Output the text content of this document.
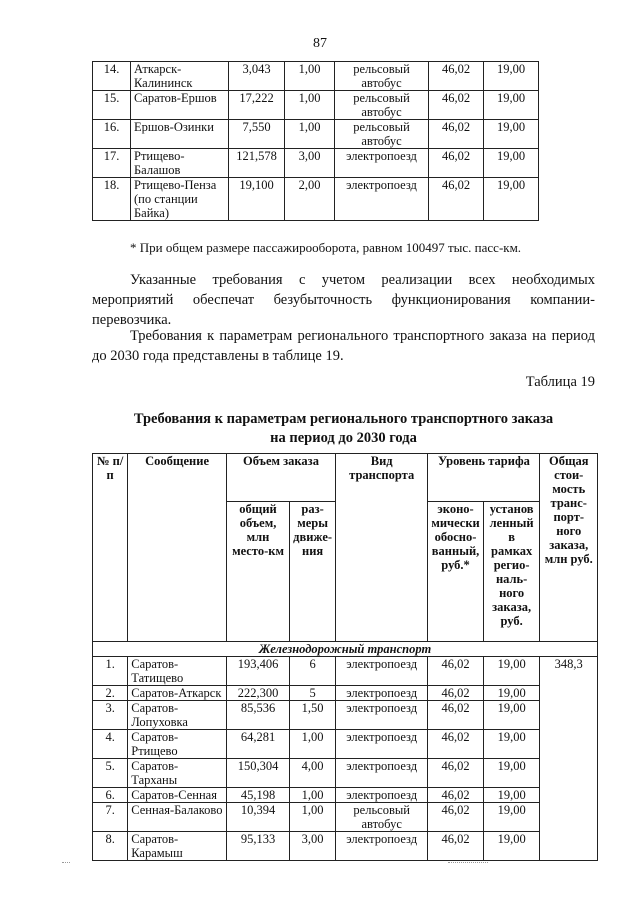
87
14.	Аткарск-Калининск	3,043	1,00	рельсовый автобус	46,02	19,00
15.	Саратов-Ершов	17,222	1,00	рельсовый автобус	46,02	19,00
16.	Ершов-Озинки	7,550	1,00	рельсовый автобус	46,02	19,00
17.	Ртищево-Балашов	121,578	3,00	электропоезд	46,02	19,00
18.	Ртищево-Пенза (по станции Байка)	19,100	2,00	электропоезд	46,02	19,00
* При общем размере пассажирооборота, равном 100497 тыс. пасс-км.
Указанные требования с учетом реализации всех необходимых мероприятий обеспечат безубыточность функционирования компании-перевозчика.
Требования к параметрам регионального транспортного заказа на период до 2030 года представлены в таблице 19.
Таблица 19
Требования к параметрам регионального транспортного заказа
на период до 2030 года
№ п/п	Сообщение	Объем заказа		Вид транспорта	Уровень тарифа		Общая стои-мость транс-порт-ного заказа, млн руб.
		общий объем, млн место-км	раз-меры движе-ния		эконо-мически обосно-ванный, руб.*	установ ленный в рамках регио-наль-ного заказа, руб.	
Железнодорожный транспорт							
1.	Саратов-Татищево	193,406	6	электропоезд	46,02	19,00	348,3
2.	Саратов-Аткарск	222,300	5	электропоезд	46,02	19,00	
3.	Саратов-Лопуховка	85,536	1,50	электропоезд	46,02	19,00	
4.	Саратов-Ртищево	64,281	1,00	электропоезд	46,02	19,00	
5.	Саратов-Тарханы	150,304	4,00	электропоезд	46,02	19,00	
6.	Саратов-Сенная	45,198	1,00	электропоезд	46,02	19,00	
7.	Сенная-Балаково	10,394	1,00	рельсовый автобус	46,02	19,00	
8.	Саратов-Карамыш	95,133	3,00	электропоезд	46,02	19,00	
